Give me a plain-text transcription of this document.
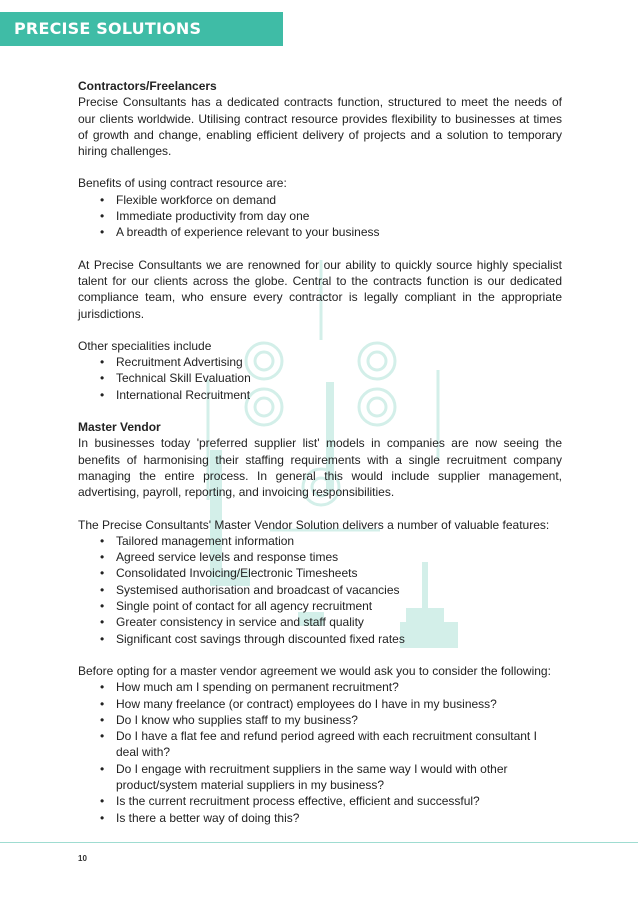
PRECISE SOLUTIONS

Contractors/Freelancers

Precise Consultants has a dedicated contracts function, structured to meet the needs of our clients worldwide. Utilising contract resource provides flexibility to businesses at times of growth and change, enabling efficient delivery of projects and a solution to temporary hiring challenges.

Benefits of using contract resource are:

• Flexible workforce on demand
• Immediate productivity from day one
• A breadth of experience relevant to your business

At Precise Consultants we are renowned for our ability to quickly source highly specialist talent for our clients across the globe. Central to the contracts function is our dedicated compliance team, who ensure every contractor is legally compliant in the appropriate jurisdictions.

Other specialities include

• Recruitment Advertising
• Technical Skill Evaluation
• International Recruitment

Master Vendor

In businesses today 'preferred supplier list' models in companies are now seeing the benefits of harmonising their staffing requirements with a single recruitment company managing the entire process. In general this would include supplier management, advertising, payroll, reporting, and invoicing responsibilities.

The Precise Consultants' Master Vendor Solution delivers a number of valuable features:

• Tailored management information
• Agreed service levels and response times
• Consolidated Invoicing/Electronic Timesheets
• Systemised authorisation and broadcast of vacancies
• Single point of contact for all agency recruitment
• Greater consistency in service and staff quality
• Significant cost savings through discounted fixed rates

Before opting for a master vendor agreement we would ask you to consider the following:

• How much am I spending on permanent recruitment?
• How many freelance (or contract) employees do I have in my business?
• Do I know who supplies staff to my business?
• Do I have a flat fee and refund period agreed with each recruitment consultant I deal with?
• Do I engage with recruitment suppliers in the same way I would with other product/system material suppliers in my business?
• Is the current recruitment process effective, efficient and successful?
• Is there a better way of doing this?
10
